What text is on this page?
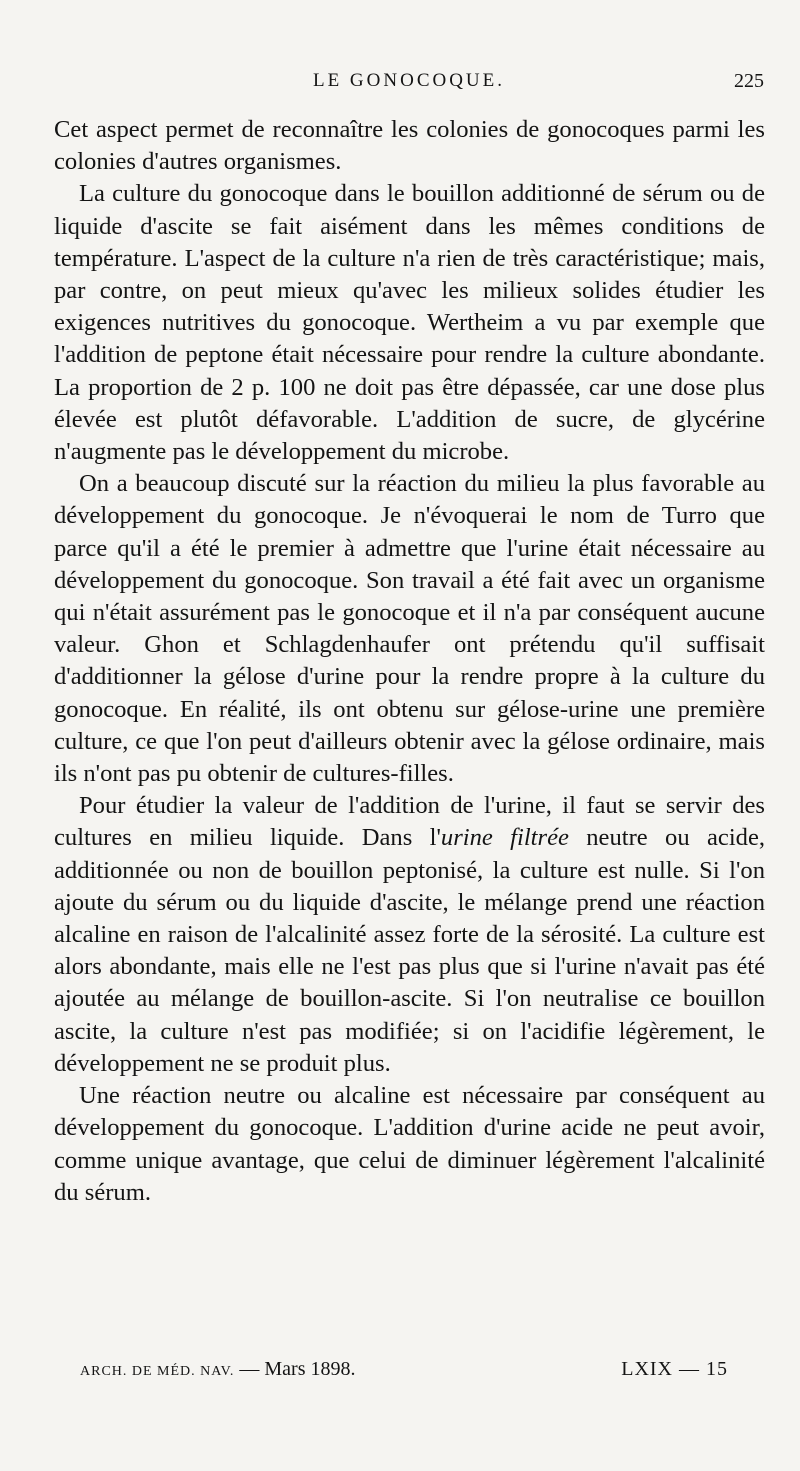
LE GONOCOQUE.	225

Cet aspect permet de reconnaître les colonies de gonocoques parmi les colonies d'autres organismes.

La culture du gonocoque dans le bouillon additionné de sérum ou de liquide d'ascite se fait aisément dans les mêmes conditions de température. L'aspect de la culture n'a rien de très caractéristique; mais, par contre, on peut mieux qu'avec les milieux solides étudier les exigences nutritives du gonocoque. Wertheim a vu par exemple que l'addition de peptone était nécessaire pour rendre la culture abondante. La proportion de 2 p. 100 ne doit pas être dépassée, car une dose plus élevée est plutôt défavorable. L'addition de sucre, de glycérine n'augmente pas le développement du microbe.

On a beaucoup discuté sur la réaction du milieu la plus favorable au développement du gonocoque. Je n'évoquerai le nom de Turro que parce qu'il a été le premier à admettre que l'urine était nécessaire au développement du gonocoque. Son travail a été fait avec un organisme qui n'était assurément pas le gonocoque et il n'a par conséquent aucune valeur. Ghon et Schlagdenhaufer ont prétendu qu'il suffisait d'additionner la gélose d'urine pour la rendre propre à la culture du gonocoque. En réalité, ils ont obtenu sur gélose-urine une première culture, ce que l'on peut d'ailleurs obtenir avec la gélose ordinaire, mais ils n'ont pas pu obtenir de cultures-filles.

Pour étudier la valeur de l'addition de l'urine, il faut se servir des cultures en milieu liquide. Dans l'urine filtrée neutre ou acide, additionnée ou non de bouillon peptonisé, la culture est nulle. Si l'on ajoute du sérum ou du liquide d'ascite, le mélange prend une réaction alcaline en raison de l'alcalinité assez forte de la sérosité. La culture est alors abondante, mais elle ne l'est pas plus que si l'urine n'avait pas été ajoutée au mélange de bouillon-ascite. Si l'on neutralise ce bouillon ascite, la culture n'est pas modifiée; si on l'acidifie légèrement, le développement ne se produit plus.

Une réaction neutre ou alcaline est nécessaire par conséquent au développement du gonocoque. L'addition d'urine acide ne peut avoir, comme unique avantage, que celui de diminuer légèrement l'alcalinité du sérum.

ARCH. DE MÉD. NAV. — Mars 1898.	LXIX — 15
